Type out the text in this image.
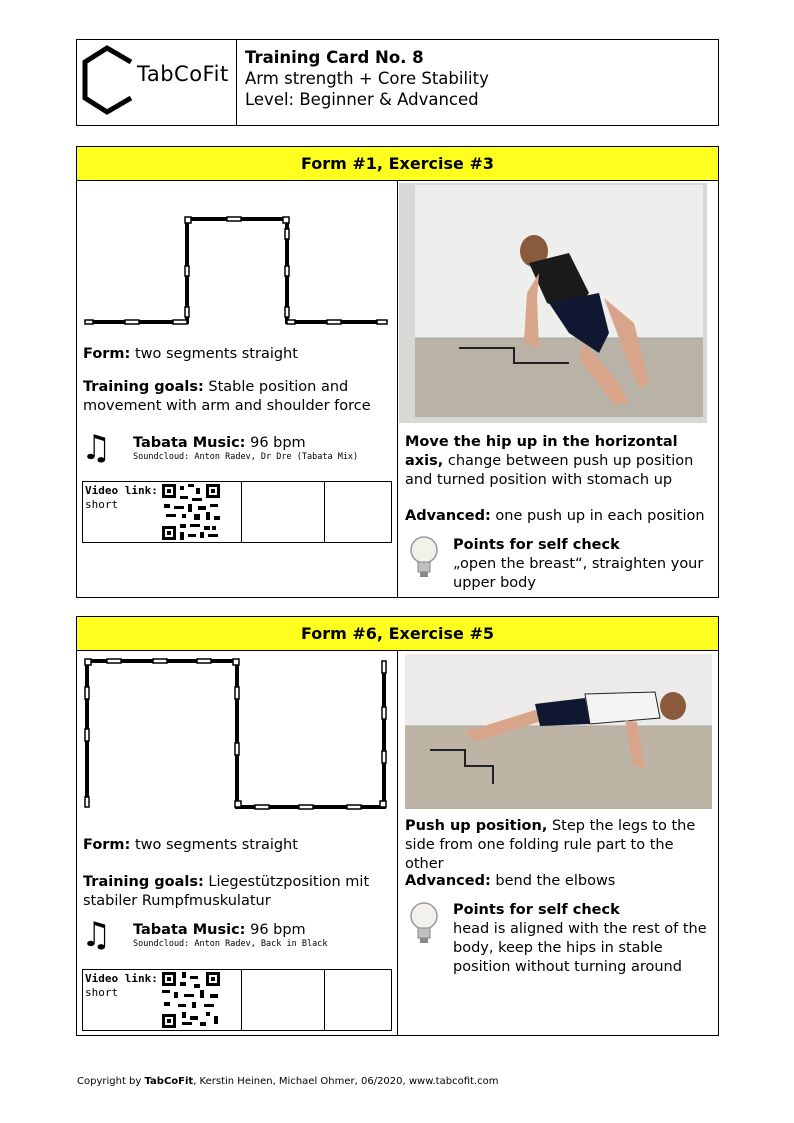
TabCoFit
Training Card No. 8
Arm strength + Core Stability
Level: Beginner & Advanced
Form #1, Exercise #3
Form: two segments straight
Training goals: Stable position and movement with arm and shoulder force
♫ Tabata Music: 96 bpm
Soundcloud: Anton Radev, Dr Dre (Tabata Mix)
Video link:
short
Move the hip up in the horizontal axis, change between push up position and turned position with stomach up
Advanced: one push up in each position
Points for self check
„open the breast“, straighten your upper body
Form #6, Exercise #5
Form: two segments straight
Training goals: Liegestützposition mit stabiler Rumpfmuskulatur
♫ Tabata Music: 96 bpm
Soundcloud: Anton Radev, Back in Black
Video link:
short
Push up position, Step the legs to the side from one folding rule part to the other
Advanced: bend the elbows
Points for self check
head is aligned with the rest of the body, keep the hips in stable position without turning around
Copyright by TabCoFit, Kerstin Heinen, Michael Ohmer, 06/2020, www.tabcofit.com
